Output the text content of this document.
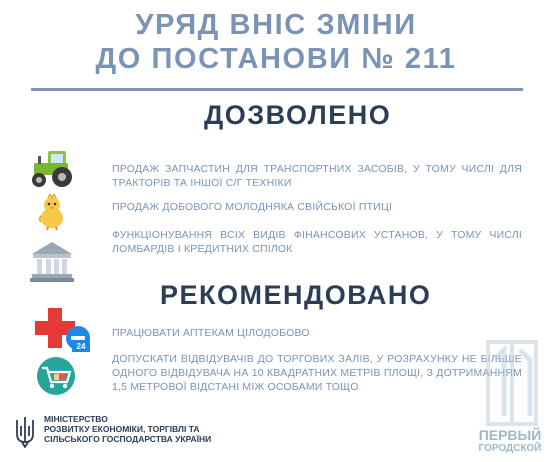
УРЯД ВНІС ЗМІНИ
ДО ПОСТАНОВИ № 211
ДОЗВОЛЕНО
ПРОДАЖ ЗАПЧАСТИН ДЛЯ ТРАНСПОРТНИХ ЗАСОБІВ, У ТОМУ ЧИСЛІ ДЛЯ ТРАКТОРІВ ТА ІНШОЇ С/Г ТЕХНІКИ
ПРОДАЖ ДОБОВОГО МОЛОДНЯКА СВІЙСЬКОЇ ПТИЦІ
ФУНКЦІОНУВАННЯ ВСІХ ВИДІВ ФІНАНСОВИХ УСТАНОВ, У ТОМУ ЧИСЛІ ЛОМБАРДІВ І КРЕДИТНИХ СПІЛОК
РЕКОМЕНДОВАНО
24
ПРАЦЮВАТИ АПТЕКАМ ЦІЛОДОБОВО
ДОПУСКАТИ ВІДВІДУВАЧІВ ДО ТОРГОВИХ ЗАЛІВ, У РОЗРАХУНКУ НЕ БІЛЬШЕ ОДНОГО ВІДВІДУВАЧА НА 10 КВАДРАТНИХ МЕТРІВ ПЛОЩІ, З ДОТРИМАННЯМ 1,5 МЕТРОВОЇ ВІДСТАНІ МІЖ ОСОБАМИ ТОЩО
МІНІСТЕРСТВО
РОЗВИТКУ ЕКОНОМІКИ, ТОРГІВЛІ ТА
СІЛЬСЬКОГО ГОСПОДАРСТВА УКРАЇНИ	ПЕРВЫЙ
ГОРОДСКОЙ
